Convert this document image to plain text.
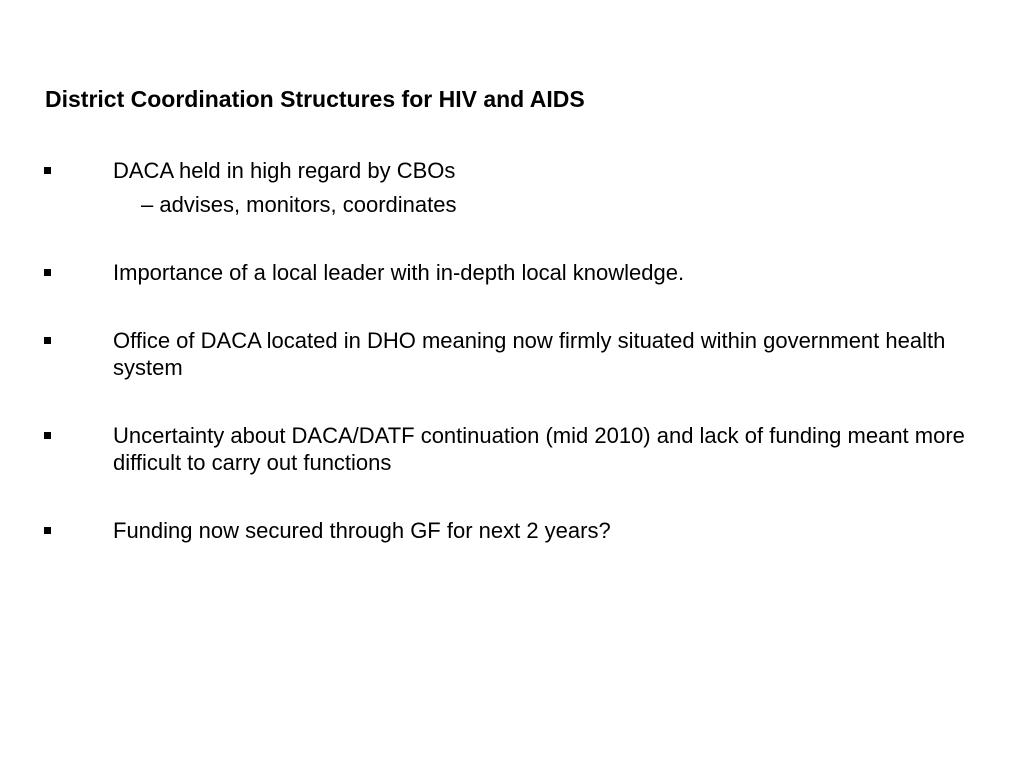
District Coordination Structures for HIV and AIDS
DACA held in high regard by CBOs
– advises, monitors, coordinates
Importance of a local leader with in-depth local knowledge.
Office of DACA located in DHO meaning now firmly situated within government health system
Uncertainty about DACA/DATF continuation (mid 2010) and lack of funding meant more difficult to carry out functions
Funding now secured through GF for next 2 years?
